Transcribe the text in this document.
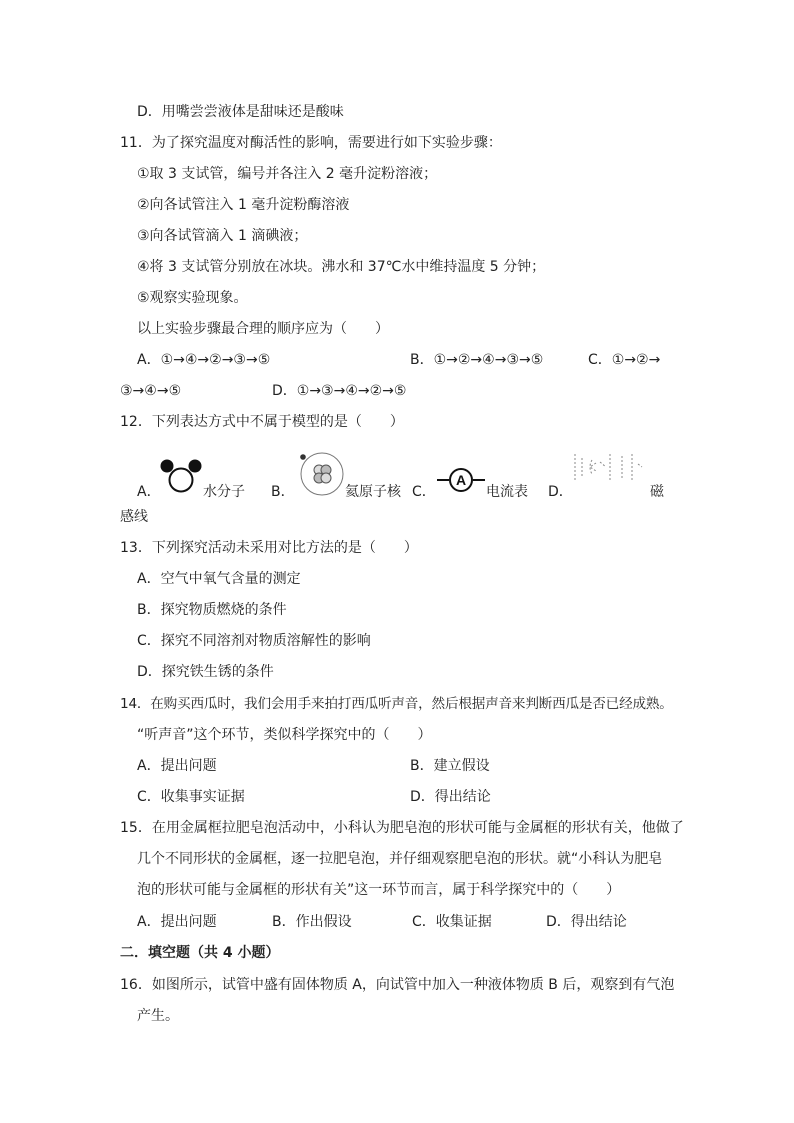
D．用嘴尝尝液体是甜味还是酸味
11．为了探究温度对酶活性的影响，需要进行如下实验步骤：
①取 3 支试管，编号并各注入 2 毫升淀粉溶液；
②向各试管注入 1 毫升淀粉酶溶液
③向各试管滴入 1 滴碘液；
④将 3 支试管分别放在冰块。沸水和 37℃水中维持温度 5 分钟；
⑤观察实验现象。
以上实验步骤最合理的顺序应为（　　）
A．①→④→②→③→⑤	B．①→②→④→③→⑤	C．①→②→
③→④→⑤	D．①→③→④→②→⑤
12．下列表达方式中不属于模型的是（　　）
A．	水分子 B．	氦原子核 C．
A
电流表 D．	磁
感线
13．下列探究活动未采用对比方法的是（　　）
A．空气中氧气含量的测定
B．探究物质燃烧的条件
C．探究不同溶剂对物质溶解性的影响
D．探究铁生锈的条件
14．在购买西瓜时，我们会用手来拍打西瓜听声音，然后根据声音来判断西瓜是否已经成熟。
“听声音”这个环节，类似科学探究中的（　　）
A．提出问题	B．建立假设
C．收集事实证据	D．得出结论
15．在用金属框拉肥皂泡活动中，小科认为肥皂泡的形状可能与金属框的形状有关，他做了
几个不同形状的金属框，逐一拉肥皂泡，并仔细观察肥皂泡的形状。就“小科认为肥皂
泡的形状可能与金属框的形状有关”这一环节而言，属于科学探究中的（　　）
A．提出问题	B．作出假设	C．收集证据	D．得出结论
二．填空题（共 4 小题）
16．如图所示，试管中盛有固体物质 A，向试管中加入一种液体物质 B 后，观察到有气泡
产生。
